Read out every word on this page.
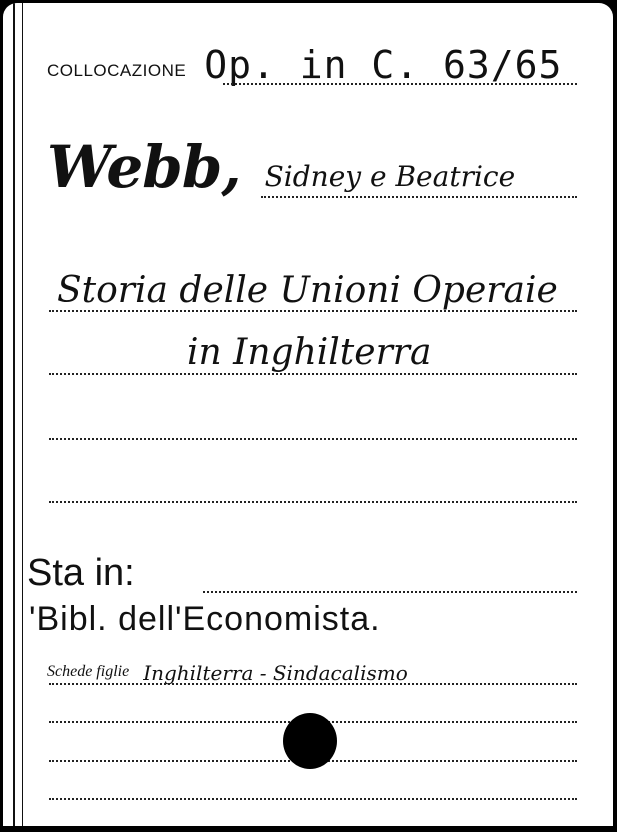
COLLOCAZIONE Op. in C. 63/65
Webb, Sidney e Beatrice
Storia delle Unioni Operaie
in Inghilterra
Sta in:
'Bibl. dell'Economista.
Schede figlie Inghilterra - Sindacalismo
